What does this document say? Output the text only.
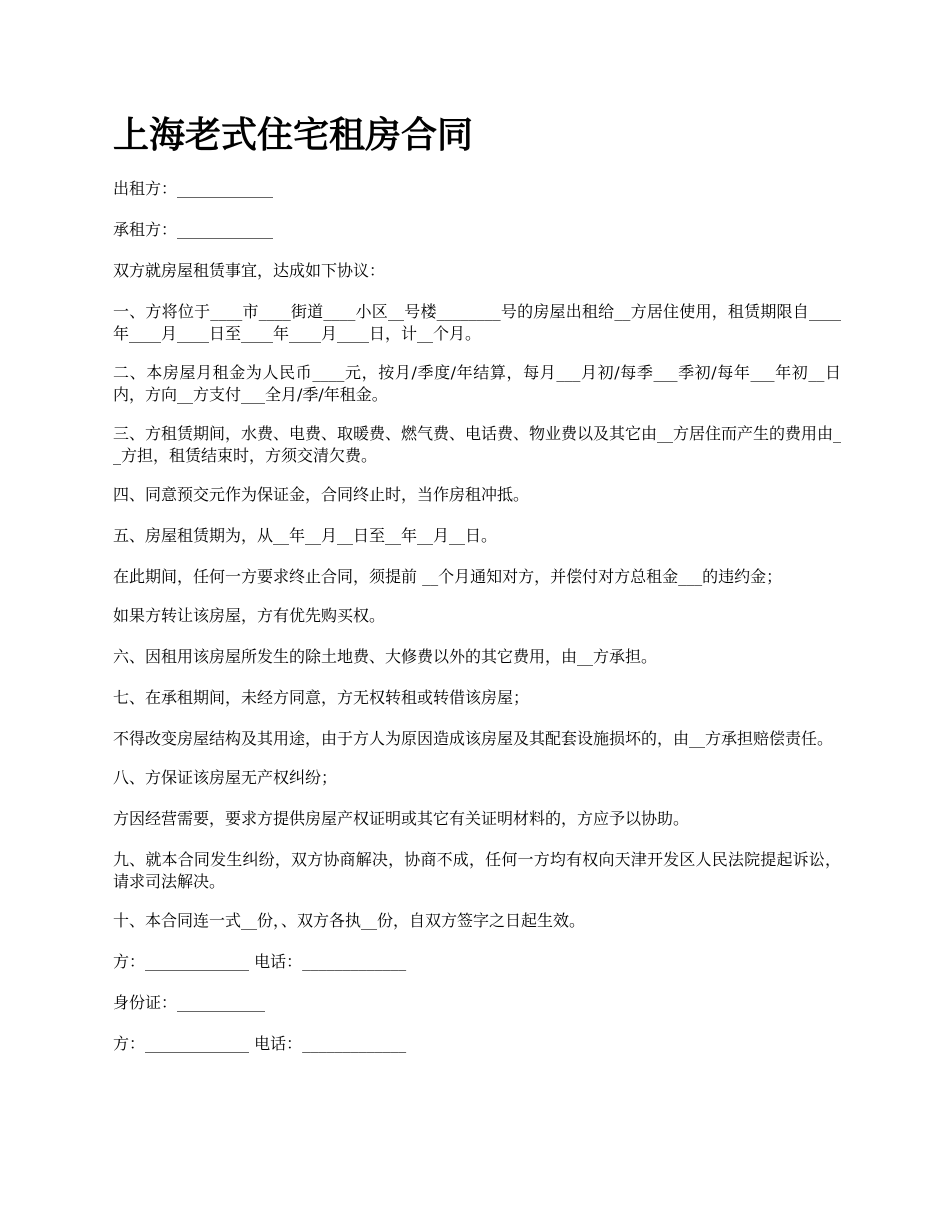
上海老式住宅租房合同

出租方：____________

承租方：____________

双方就房屋租赁事宜，达成如下协议：

一、方将位于____市____街道____小区__号楼________号的房屋出租给__方居住使用，租赁期限自____年____月____日至____年____月____日，计__个月。

二、本房屋月租金为人民币____元，按月/季度/年结算，每月___月初/每季___季初/每年___年初__日内，方向__方支付___全月/季/年租金。

三、方租赁期间，水费、电费、取暖费、燃气费、电话费、物业费以及其它由__方居住而产生的费用由__方担，租赁结束时，方须交清欠费。

四、同意预交元作为保证金，合同终止时，当作房租冲抵。

五、房屋租赁期为，从__年__月__日至__年__月__日。

在此期间，任何一方要求终止合同，须提前 __个月通知对方，并偿付对方总租金___的违约金；

如果方转让该房屋，方有优先购买权。

六、因租用该房屋所发生的除土地费、大修费以外的其它费用，由__方承担。

七、在承租期间，未经方同意，方无权转租或转借该房屋；

不得改变房屋结构及其用途，由于方人为原因造成该房屋及其配套设施损坏的，由__方承担赔偿责任。

八、方保证该房屋无产权纠纷；

方因经营需要，要求方提供房屋产权证明或其它有关证明材料的，方应予以协助。

九、就本合同发生纠纷，双方协商解决，协商不成，任何一方均有权向天津开发区人民法院提起诉讼，请求司法解决。

十、本合同连一式__份，、双方各执__份，自双方签字之日起生效。

方：_____________ 电话：_____________

身份证：___________

方：_____________ 电话：_____________
